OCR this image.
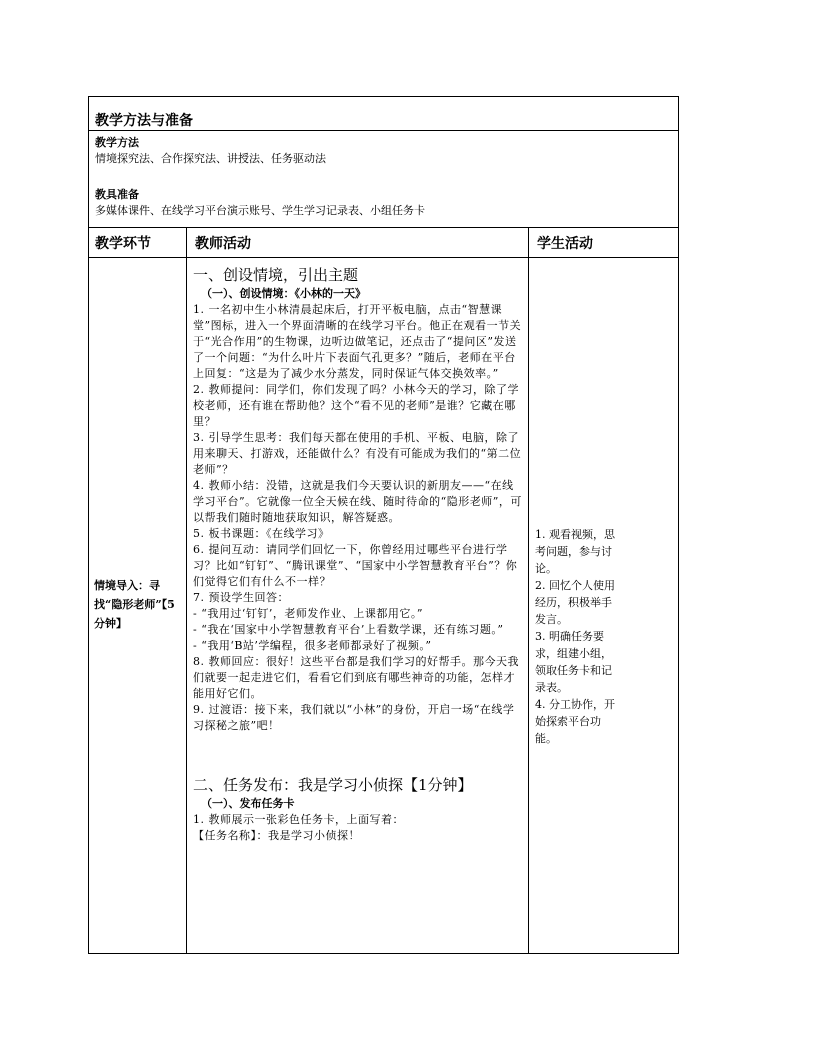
教学方法与准备
教学方法
情境探究法、合作探究法、讲授法、任务驱动法
教具准备
多媒体课件、在线学习平台演示账号、学生学习记录表、小组任务卡
教学环节	教师活动	学生活动
情境导入：寻找“隐形老师”【5分钟】
一、创设情境，引出主题
（一）、创设情境：《小林的一天》

1. 一名初中生小林清晨起床后，打开平板电脑，点击“智慧课堂”图标，进入一个界面清晰的在线学习平台。他正在观看一节关于“光合作用”的生物课，边听边做笔记，还点击了“提问区”发送了一个问题：“为什么叶片下表面气孔更多？”随后，老师在平台上回复：“这是为了减少水分蒸发，同时保证气体交换效率。”

2. 教师提问：同学们，你们发现了吗？小林今天的学习，除了学校老师，还有谁在帮助他？这个“看不见的老师”是谁？它藏在哪里？

3. 引导学生思考：我们每天都在使用的手机、平板、电脑，除了用来聊天、打游戏，还能做什么？有没有可能成为我们的“第二位老师”？

4. 教师小结：没错，这就是我们今天要认识的新朋友——“在线学习平台”。它就像一位全天候在线、随时待命的“隐形老师”，可以帮我们随时随地获取知识，解答疑惑。

5. 板书课题：《在线学习》

6. 提问互动：请同学们回忆一下，你曾经用过哪些平台进行学习？比如“钉钉”、“腾讯课堂”、“国家中小学智慧教育平台”？你们觉得它们有什么不一样？

7. 预设学生回答：

- “我用过‘钉钉’，老师发作业、上课都用它。”

- “我在‘国家中小学智慧教育平台’上看数学课，还有练习题。”

- “我用‘B站’学编程，很多老师都录好了视频。”

8. 教师回应：很好！这些平台都是我们学习的好帮手。那今天我们就要一起走进它们，看看它们到底有哪些神奇的功能，怎样才能用好它们。

9. 过渡语：接下来，我们就以“小林”的身份，开启一场“在线学习探秘之旅”吧！

二、任务发布：我是学习小侦探【1分钟】
（一）、发布任务卡

1. 教师展示一张彩色任务卡，上面写着：

【任务名称】：我是学习小侦探！

1. 观看视频，思考问题，参与讨论。
2. 回忆个人使用经历，积极举手发言。
3. 明确任务要求，组建小组，领取任务卡和记录表。
4. 分工协作，开始探索平台功能。
